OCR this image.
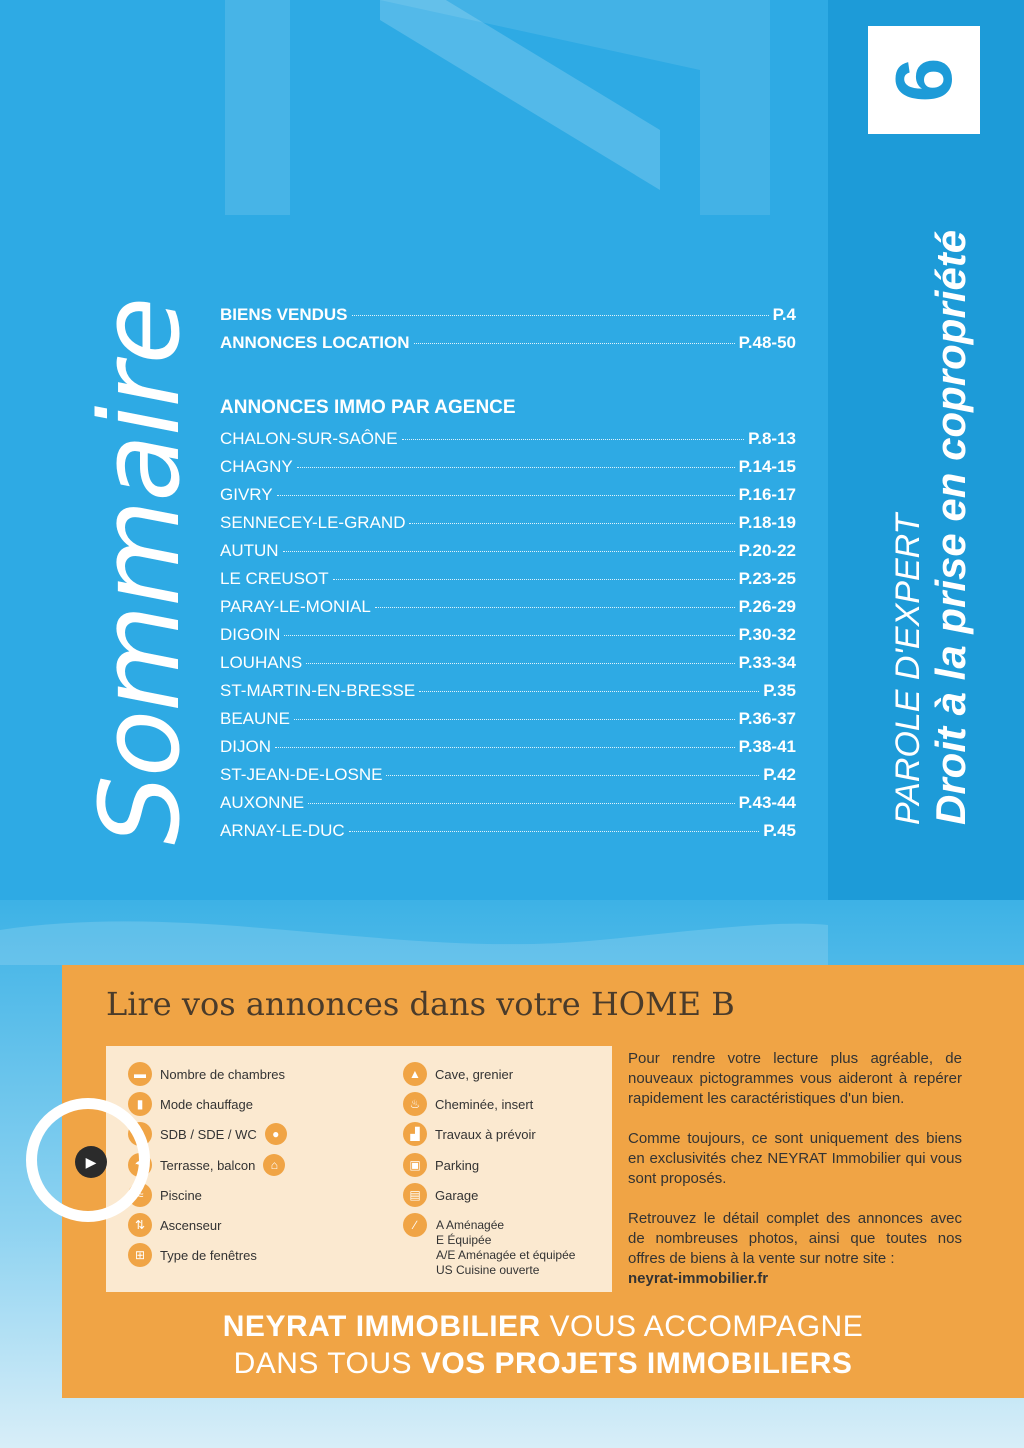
Sommaire BIENS VENDUS	P.4
ANNONCES LOCATION	P.48-50
ANNONCES IMMO PAR AGENCE
CHALON-SUR-SAÔNE	P.8-13
CHAGNY	P.14-15
GIVRY	P.16-17
SENNECEY-LE-GRAND	P.18-19
AUTUN	P.20-22
LE CREUSOT	P.23-25
PARAY-LE-MONIAL	P.26-29
DIGOIN	P.30-32
LOUHANS	P.33-34
ST-MARTIN-EN-BRESSE	P.35
BEAUNE	P.36-37
DIJON	P.38-41
ST-JEAN-DE-LOSNE	P.42
AUXONNE	P.43-44
ARNAY-LE-DUC	P.45
6
PAROLE D'EXPERT Droit à la prise en copropriété
Lire vos annonces dans votre HOME B
▬	Nombre de chambres
▮	Mode chauffage
◡	SDB / SDE / WC	●
☂	Terrasse, balcon	⌂
≈	Piscine
⇅	Ascenseur
⊞	Type de fenêtres
▲	Cave, grenier
♨	Cheminée, insert
▟	Travaux à prévoir
▣	Parking
▤	Garage
∕	A Aménagée
E Équipée
A/E Aménagée et équipée
US Cuisine ouverte
Pour rendre votre lecture plus agréable, de nouveaux pictogrammes vous aideront à repérer rapidement les caractéristiques d'un bien.
Comme toujours, ce sont uniquement des biens en exclusivités chez NEYRAT Immobilier qui vous sont proposés.
Retrouvez le détail complet des annonces avec de nombreuses photos, ainsi que toutes nos offres de biens à la vente sur notre site :
neyrat-immobilier.fr
NEYRAT IMMOBILIER VOUS ACCOMPAGNE
DANS TOUS VOS PROJETS IMMOBILIERS
▶
